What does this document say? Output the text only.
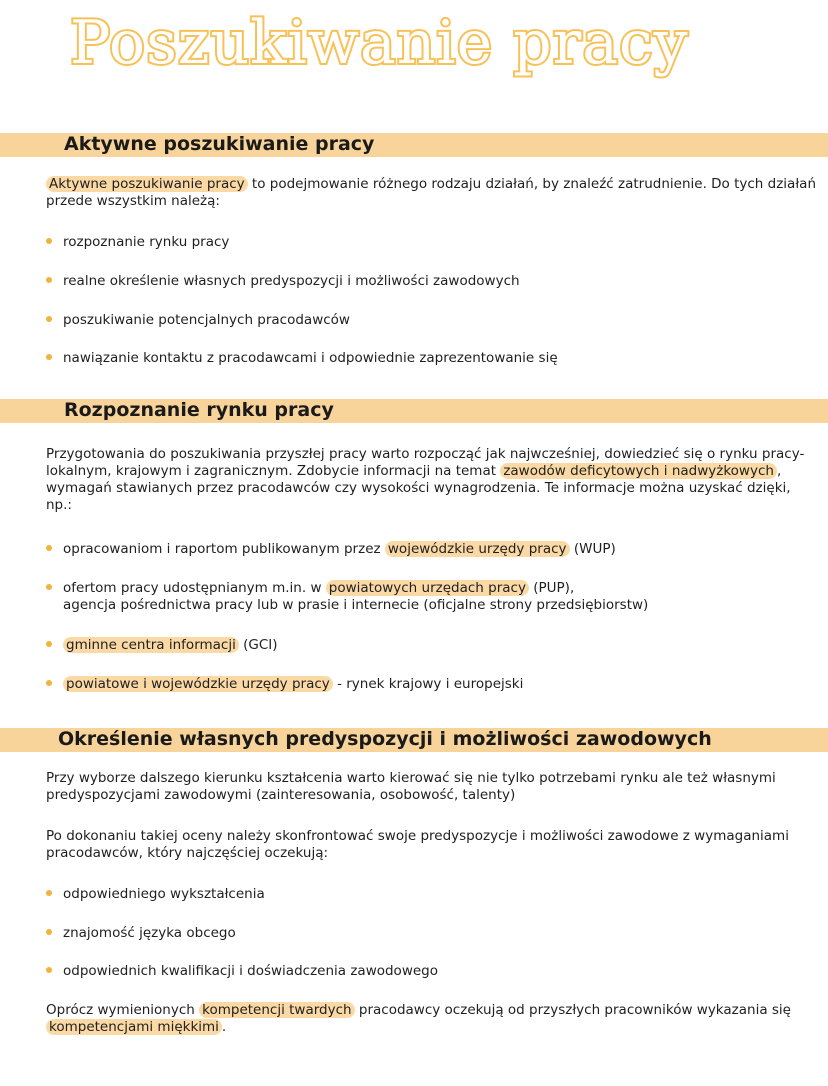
Poszukiwanie pracy
Aktywne poszukiwanie pracy

Aktywne poszukiwanie pracy to podejmowanie różnego rodzaju działań, by znaleźć zatrudnienie. Do tych działań przede wszystkim należą:

rozpoznanie rynku pracy
realne określenie własnych predyspozycji i możliwości zawodowych
poszukiwanie potencjalnych pracodawców
nawiązanie kontaktu z pracodawcami i odpowiednie zaprezentowanie się
Rozpoznanie rynku pracy

Przygotowania do poszukiwania przyszłej pracy warto rozpocząć jak najwcześniej, dowiedzieć się o rynku pracy- lokalnym, krajowym i zagranicznym. Zdobycie informacji na temat zawodów deficytowych i nadwyżkowych , wymagań stawianych przez pracodawców czy wysokości wynagrodzenia. Te informacje można uzyskać dzięki, np.:

opracowaniom i raportom publikowanym przez wojewódzkie urzędy pracy (WUP)
ofertom pracy udostępnianym m.in. w powiatowych urzędach pracy (PUP),
agencja pośrednictwa pracy lub w prasie i internecie (oficjalne strony przedsiębiorstw)
gminne centra informacji (GCI)
powiatowe i wojewódzkie urzędy pracy - rynek krajowy i europejski
Określenie własnych predyspozycji i możliwości zawodowych

Przy wyborze dalszego kierunku kształcenia warto kierować się nie tylko potrzebami rynku ale też własnymi predyspozycjami zawodowymi (zainteresowania, osobowość, talenty)

Po dokonaniu takiej oceny należy skonfrontować swoje predyspozycje i możliwości zawodowe z wymaganiami pracodawców, który najczęściej oczekują:

odpowiedniego wykształcenia
znajomość języka obcego
odpowiednich kwalifikacji i doświadczenia zawodowego

Oprócz wymienionych kompetencji twardych pracodawcy oczekują od przyszłych pracowników wykazania się kompetencjami miękkimi .
